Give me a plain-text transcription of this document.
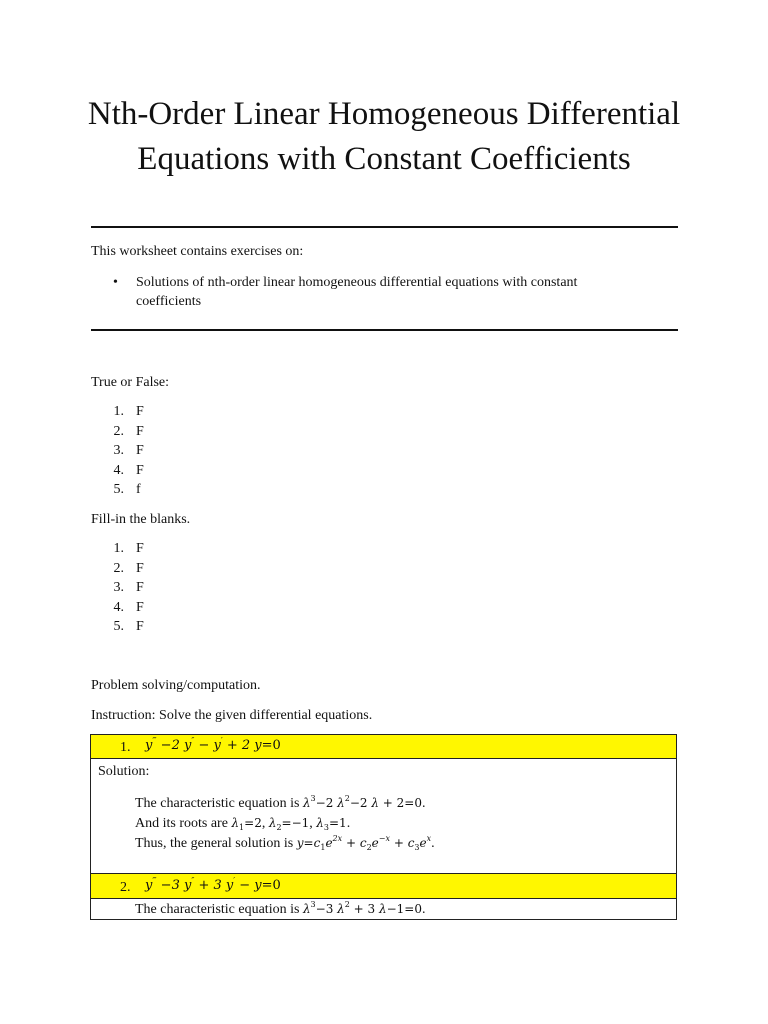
Nth-Order Linear Homogeneous Differential Equations with Constant Coefficients
This worksheet contains exercises on:
• Solutions of nth-order linear homogeneous differential equations with constant coefficients
True or False:
1. F
2. F
3. F
4. F
5. f
Fill-in the blanks.
1. F
2. F
3. F
4. F
5. F
Problem solving/computation.
Instruction: Solve the given differential equations.
1. y‴ −2 y″ − y′ + 2 y=0
Solution:
The characteristic equation is $\lambda^3-2$ $\lambda^2-2$ λ + 2=0.
And its roots are $\lambda_1=2$, $\lambda_2=-1$, $\lambda_3=1$.
Thus, the general solution is $y=c_1e^{2x} + c_2e^{-x} + c_3e^x$.
2. y‴ −3 y″ + 3 y′ − y=0
The characteristic equation is $\lambda^3-3$ $\lambda^2 + 3$ λ−1=0.
